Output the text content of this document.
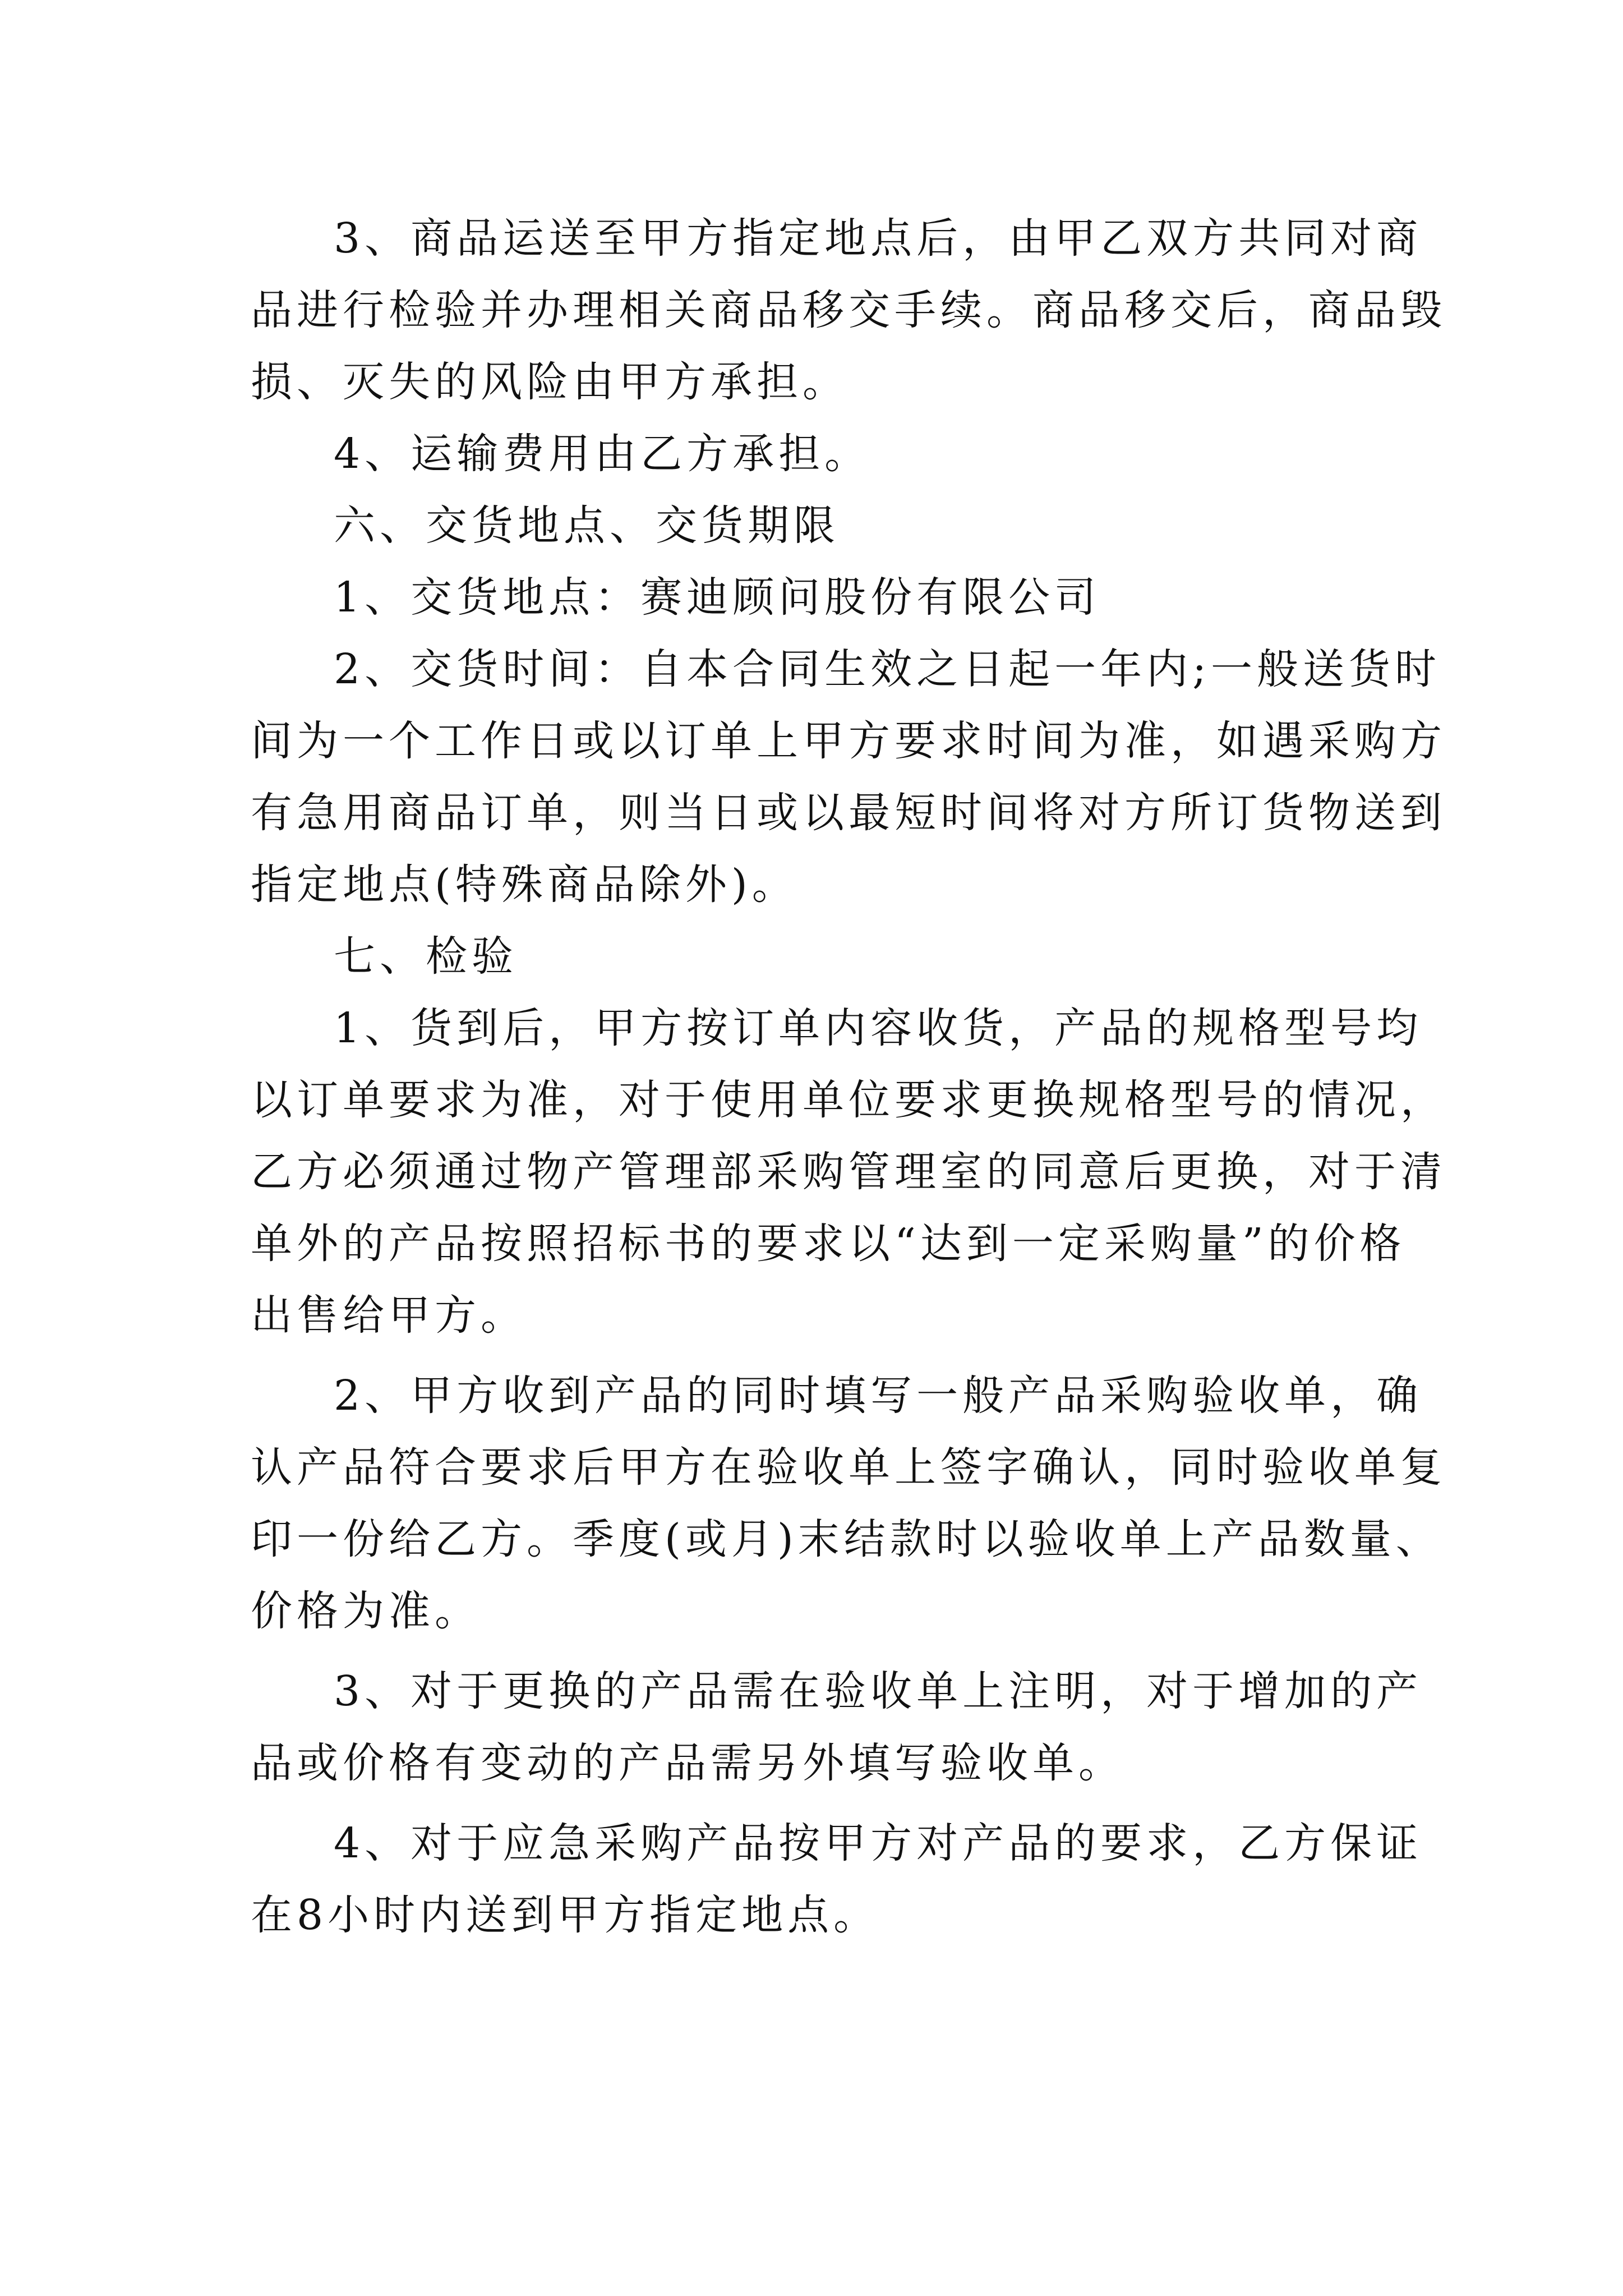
3、商品运送至甲方指定地点后，由甲乙双方共同对商
品进行检验并办理相关商品移交手续。商品移交后，商品毁
损、灭失的风险由甲方承担。
4、运输费用由乙方承担。
六、交货地点、交货期限
1、交货地点：赛迪顾问股份有限公司
2、交货时间：自本合同生效之日起一年内;一般送货时
间为一个工作日或以订单上甲方要求时间为准，如遇采购方
有急用商品订单，则当日或以最短时间将对方所订货物送到
指定地点(特殊商品除外)。
七、检验
1、货到后，甲方按订单内容收货，产品的规格型号均
以订单要求为准，对于使用单位要求更换规格型号的情况，
乙方必须通过物产管理部采购管理室的同意后更换，对于清
单外的产品按照招标书的要求以“达到一定采购量”的价格
出售给甲方。
2、甲方收到产品的同时填写一般产品采购验收单，确
认产品符合要求后甲方在验收单上签字确认，同时验收单复
印一份给乙方。季度(或月)末结款时以验收单上产品数量、
价格为准。
3、对于更换的产品需在验收单上注明，对于增加的产
品或价格有变动的产品需另外填写验收单。
4、对于应急采购产品按甲方对产品的要求，乙方保证
在8小时内送到甲方指定地点。
